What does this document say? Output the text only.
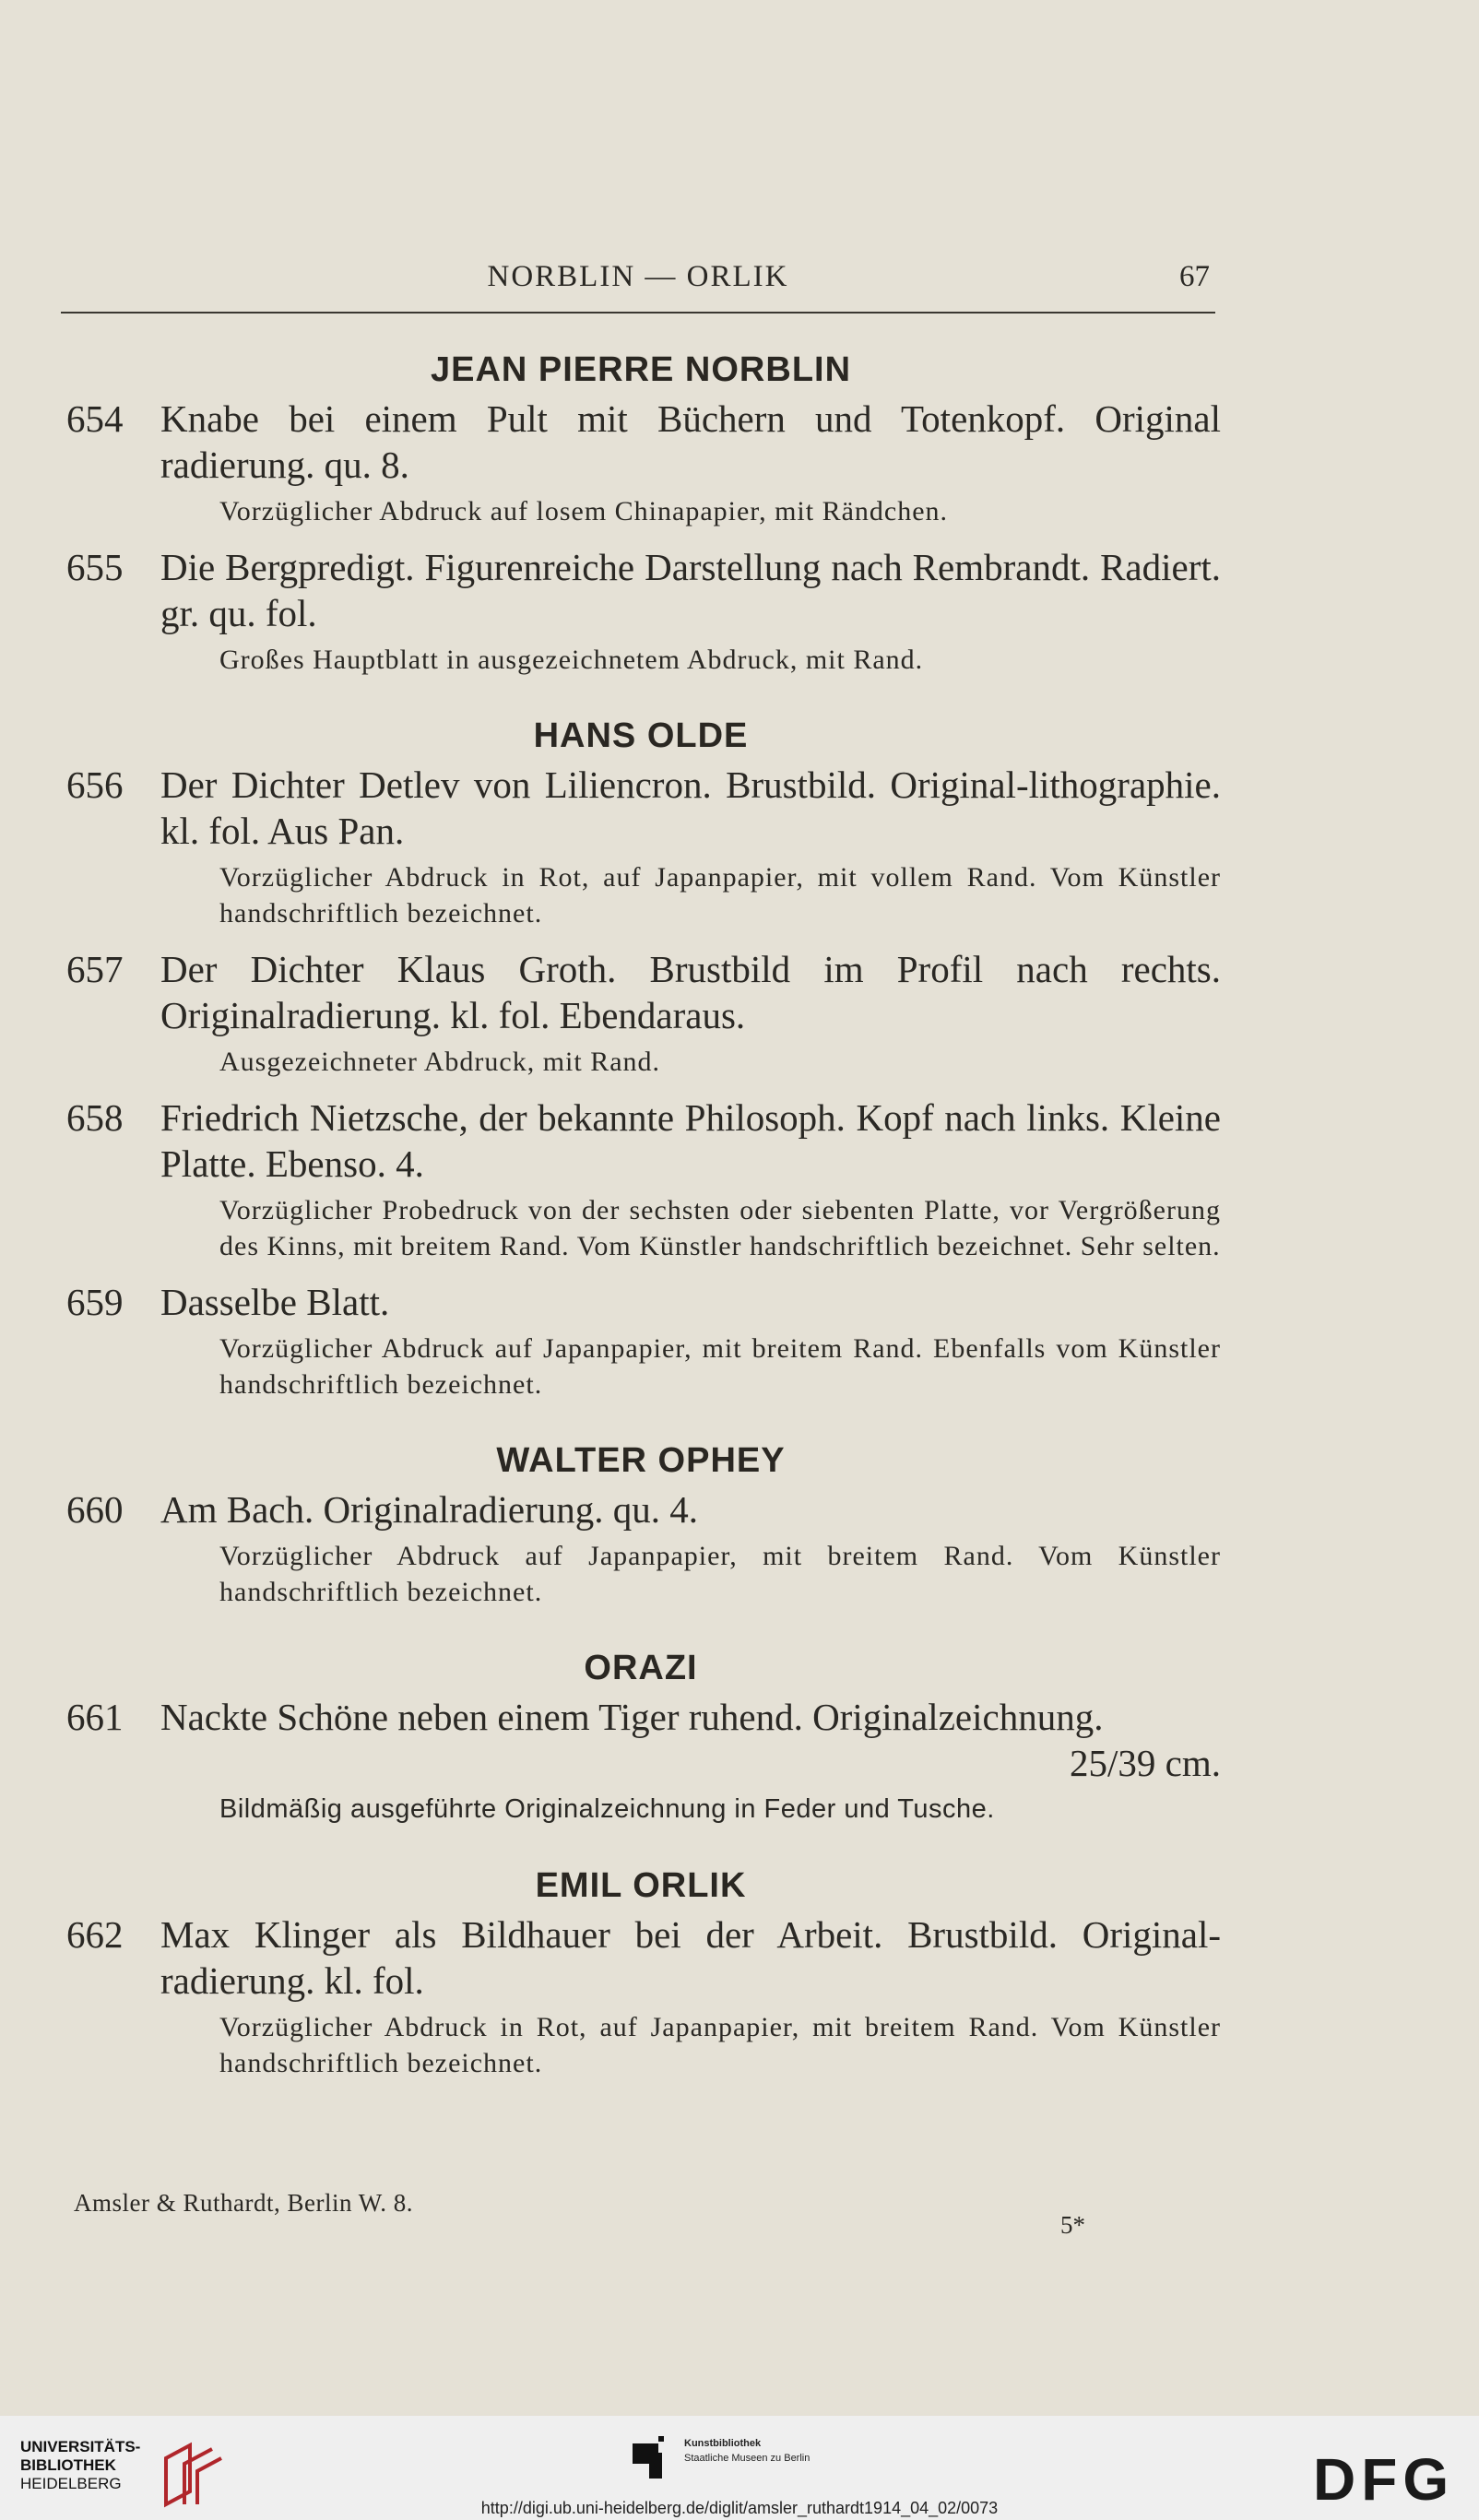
NORBLIN — ORLIK	67
JEAN PIERRE NORBLIN
654 Knabe bei einem Pult mit Büchern und Totenkopf. Original radierung. qu. 8.
Vorzüglicher Abdruck auf losem Chinapapier, mit Rändchen.
655 Die Bergpredigt. Figurenreiche Darstellung nach Rembrandt. Radiert. gr. qu. fol.
Großes Hauptblatt in ausgezeichnetem Abdruck, mit Rand.
HANS OLDE
656 Der Dichter Detlev von Liliencron. Brustbild. Original-lithographie. kl. fol. Aus Pan.
Vorzüglicher Abdruck in Rot, auf Japanpapier, mit vollem Rand. Vom Künstler handschriftlich bezeichnet.
657 Der Dichter Klaus Groth. Brustbild im Profil nach rechts. Originalradierung. kl. fol. Ebendaraus.
Ausgezeichneter Abdruck, mit Rand.
658 Friedrich Nietzsche, der bekannte Philosoph. Kopf nach links. Kleine Platte. Ebenso. 4.
Vorzüglicher Probedruck von der sechsten oder siebenten Platte, vor Vergrößerung des Kinns, mit breitem Rand. Vom Künstler handschriftlich bezeichnet. Sehr selten.
659 Dasselbe Blatt.
Vorzüglicher Abdruck auf Japanpapier, mit breitem Rand. Ebenfalls vom Künstler handschriftlich bezeichnet.
WALTER OPHEY
660 Am Bach. Originalradierung. qu. 4.
Vorzüglicher Abdruck auf Japanpapier, mit breitem Rand. Vom Künstler handschriftlich bezeichnet.
ORAZI
661 Nackte Schöne neben einem Tiger ruhend. Originalzeichnung.
25/39 cm.
Bildmäßig ausgeführte Originalzeichnung in Feder und Tusche.
EMIL ORLIK
662 Max Klinger als Bildhauer bei der Arbeit. Brustbild. Original-radierung. kl. fol.
Vorzüglicher Abdruck in Rot, auf Japanpapier, mit breitem Rand. Vom Künstler handschriftlich bezeichnet.
Amsler & Ruthardt, Berlin W. 8.
5*
UNIVERSITÄTS-
BIBLIOTHEK
HEIDELBERG
Kunstbibliothek
Staatliche Museen zu Berlin	DFG
http://digi.ub.uni-heidelberg.de/diglit/amsler_ruthardt1914_04_02/0073
